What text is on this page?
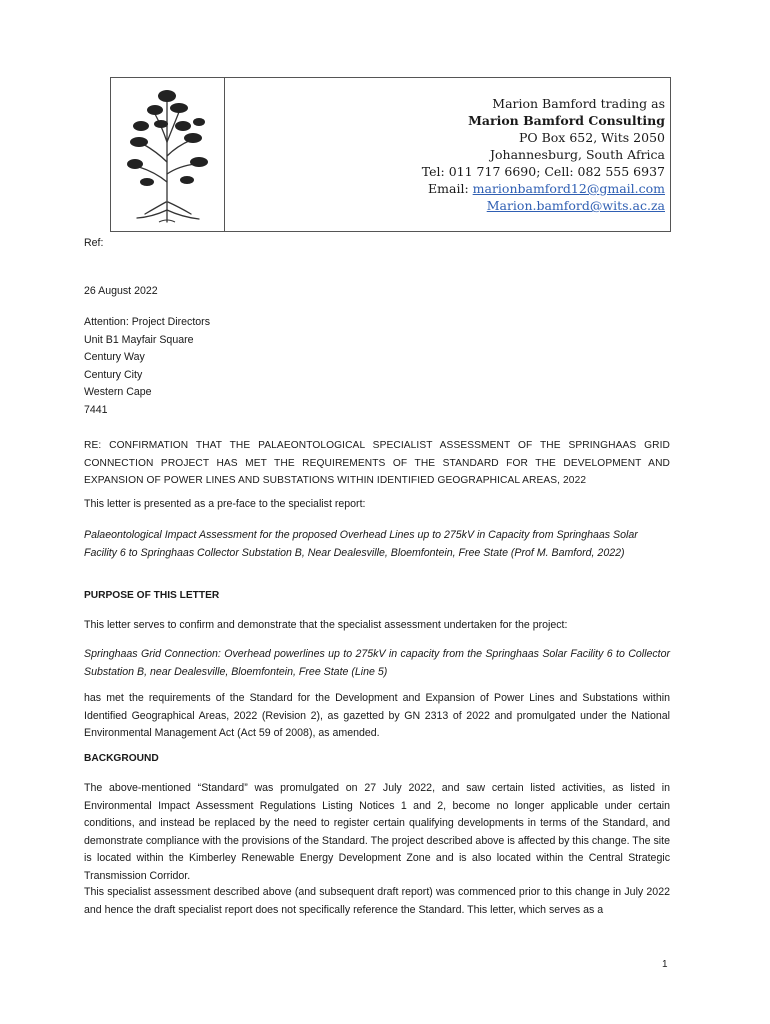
Marion Bamford trading as
Marion Bamford Consulting
PO Box 652, Wits 2050
Johannesburg, South Africa
Tel: 011 717 6690; Cell: 082 555 6937
Email: marionbamford12@gmail.com
Marion.bamford@wits.ac.za
Ref:
26 August 2022
Attention: Project Directors
Unit B1 Mayfair Square
Century Way
Century City
Western Cape
7441

RE: CONFIRMATION THAT THE PALAEONTOLOGICAL SPECIALIST ASSESSMENT OF THE SPRINGHAAS GRID CONNECTION PROJECT HAS MET THE REQUIREMENTS OF THE STANDARD FOR THE DEVELOPMENT AND EXPANSION OF POWER LINES AND SUBSTATIONS WITHIN IDENTIFIED GEOGRAPHICAL AREAS, 2022

This letter is presented as a pre-face to the specialist report:

Palaeontological Impact Assessment for the proposed Overhead Lines up to 275kV in Capacity from Springhaas Solar Facility 6 to Springhaas Collector Substation B, Near Dealesville, Bloemfontein, Free State (Prof M. Bamford, 2022)

PURPOSE OF THIS LETTER

This letter serves to confirm and demonstrate that the specialist assessment undertaken for the project:

Springhaas Grid Connection: Overhead powerlines up to 275kV in capacity from the Springhaas Solar Facility 6 to Collector Substation B, near Dealesville, Bloemfontein, Free State (Line 5)

has met the requirements of the Standard for the Development and Expansion of Power Lines and Substations within Identified Geographical Areas, 2022 (Revision 2), as gazetted by GN 2313 of 2022 and promulgated under the National Environmental Management Act (Act 59 of 2008), as amended.

BACKGROUND

The above-mentioned “Standard” was promulgated on 27 July 2022, and saw certain listed activities, as listed in Environmental Impact Assessment Regulations Listing Notices 1 and 2, become no longer applicable under certain conditions, and instead be replaced by the need to register certain qualifying developments in terms of the Standard, and demonstrate compliance with the provisions of the Standard. The project described above is affected by this change. The site is located within the Kimberley Renewable Energy Development Zone and is also located within the Central Strategic Transmission Corridor.

This specialist assessment described above (and subsequent draft report) was commenced prior to this change in July 2022 and hence the draft specialist report does not specifically reference the Standard. This letter, which serves as a

1
